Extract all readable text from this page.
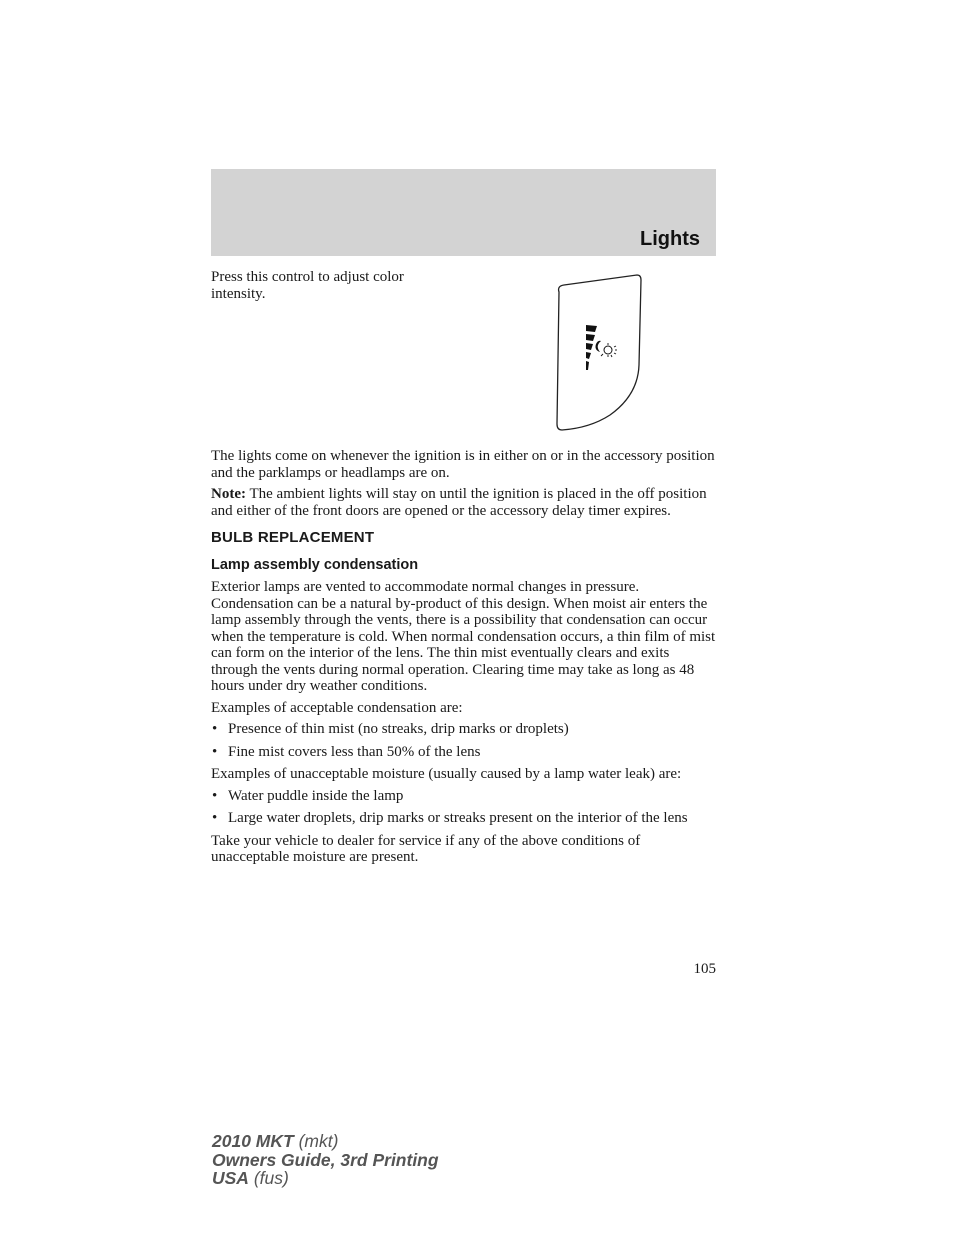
Lights

Press this control to adjust color intensity.

The lights come on whenever the ignition is in either on or in the accessory position and the parklamps or headlamps are on.

Note: The ambient lights will stay on until the ignition is placed in the off position and either of the front doors are opened or the accessory delay timer expires.

BULB REPLACEMENT
Lamp assembly condensation

Exterior lamps are vented to accommodate normal changes in pressure. Condensation can be a natural by-product of this design. When moist air enters the lamp assembly through the vents, there is a possibility that condensation can occur when the temperature is cold. When normal condensation occurs, a thin film of mist can form on the interior of the lens. The thin mist eventually clears and exits through the vents during normal operation. Clearing time may take as long as 48 hours under dry weather conditions.

Examples of acceptable condensation are:

• Presence of thin mist (no streaks, drip marks or droplets)
• Fine mist covers less than 50% of the lens

Examples of unacceptable moisture (usually caused by a lamp water leak) are:

• Water puddle inside the lamp
• Large water droplets, drip marks or streaks present on the interior of the lens

Take your vehicle to dealer for service if any of the above conditions of unacceptable moisture are present.

105
2010 MKT (mkt)
Owners Guide, 3rd Printing
USA (fus)
